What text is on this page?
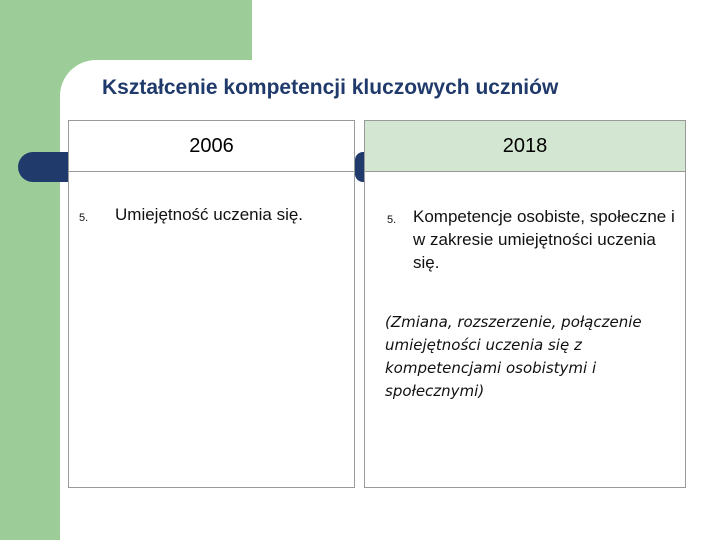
Kształcenie kompetencji kluczowych uczniów
2006
5. Umiejętność uczenia się.
2018
5. Kompetencje osobiste, społeczne i w zakresie umiejętności uczenia się.
(Zmiana, rozszerzenie, połączenie umiejętności uczenia się z kompetencjami osobistymi i społecznymi)
